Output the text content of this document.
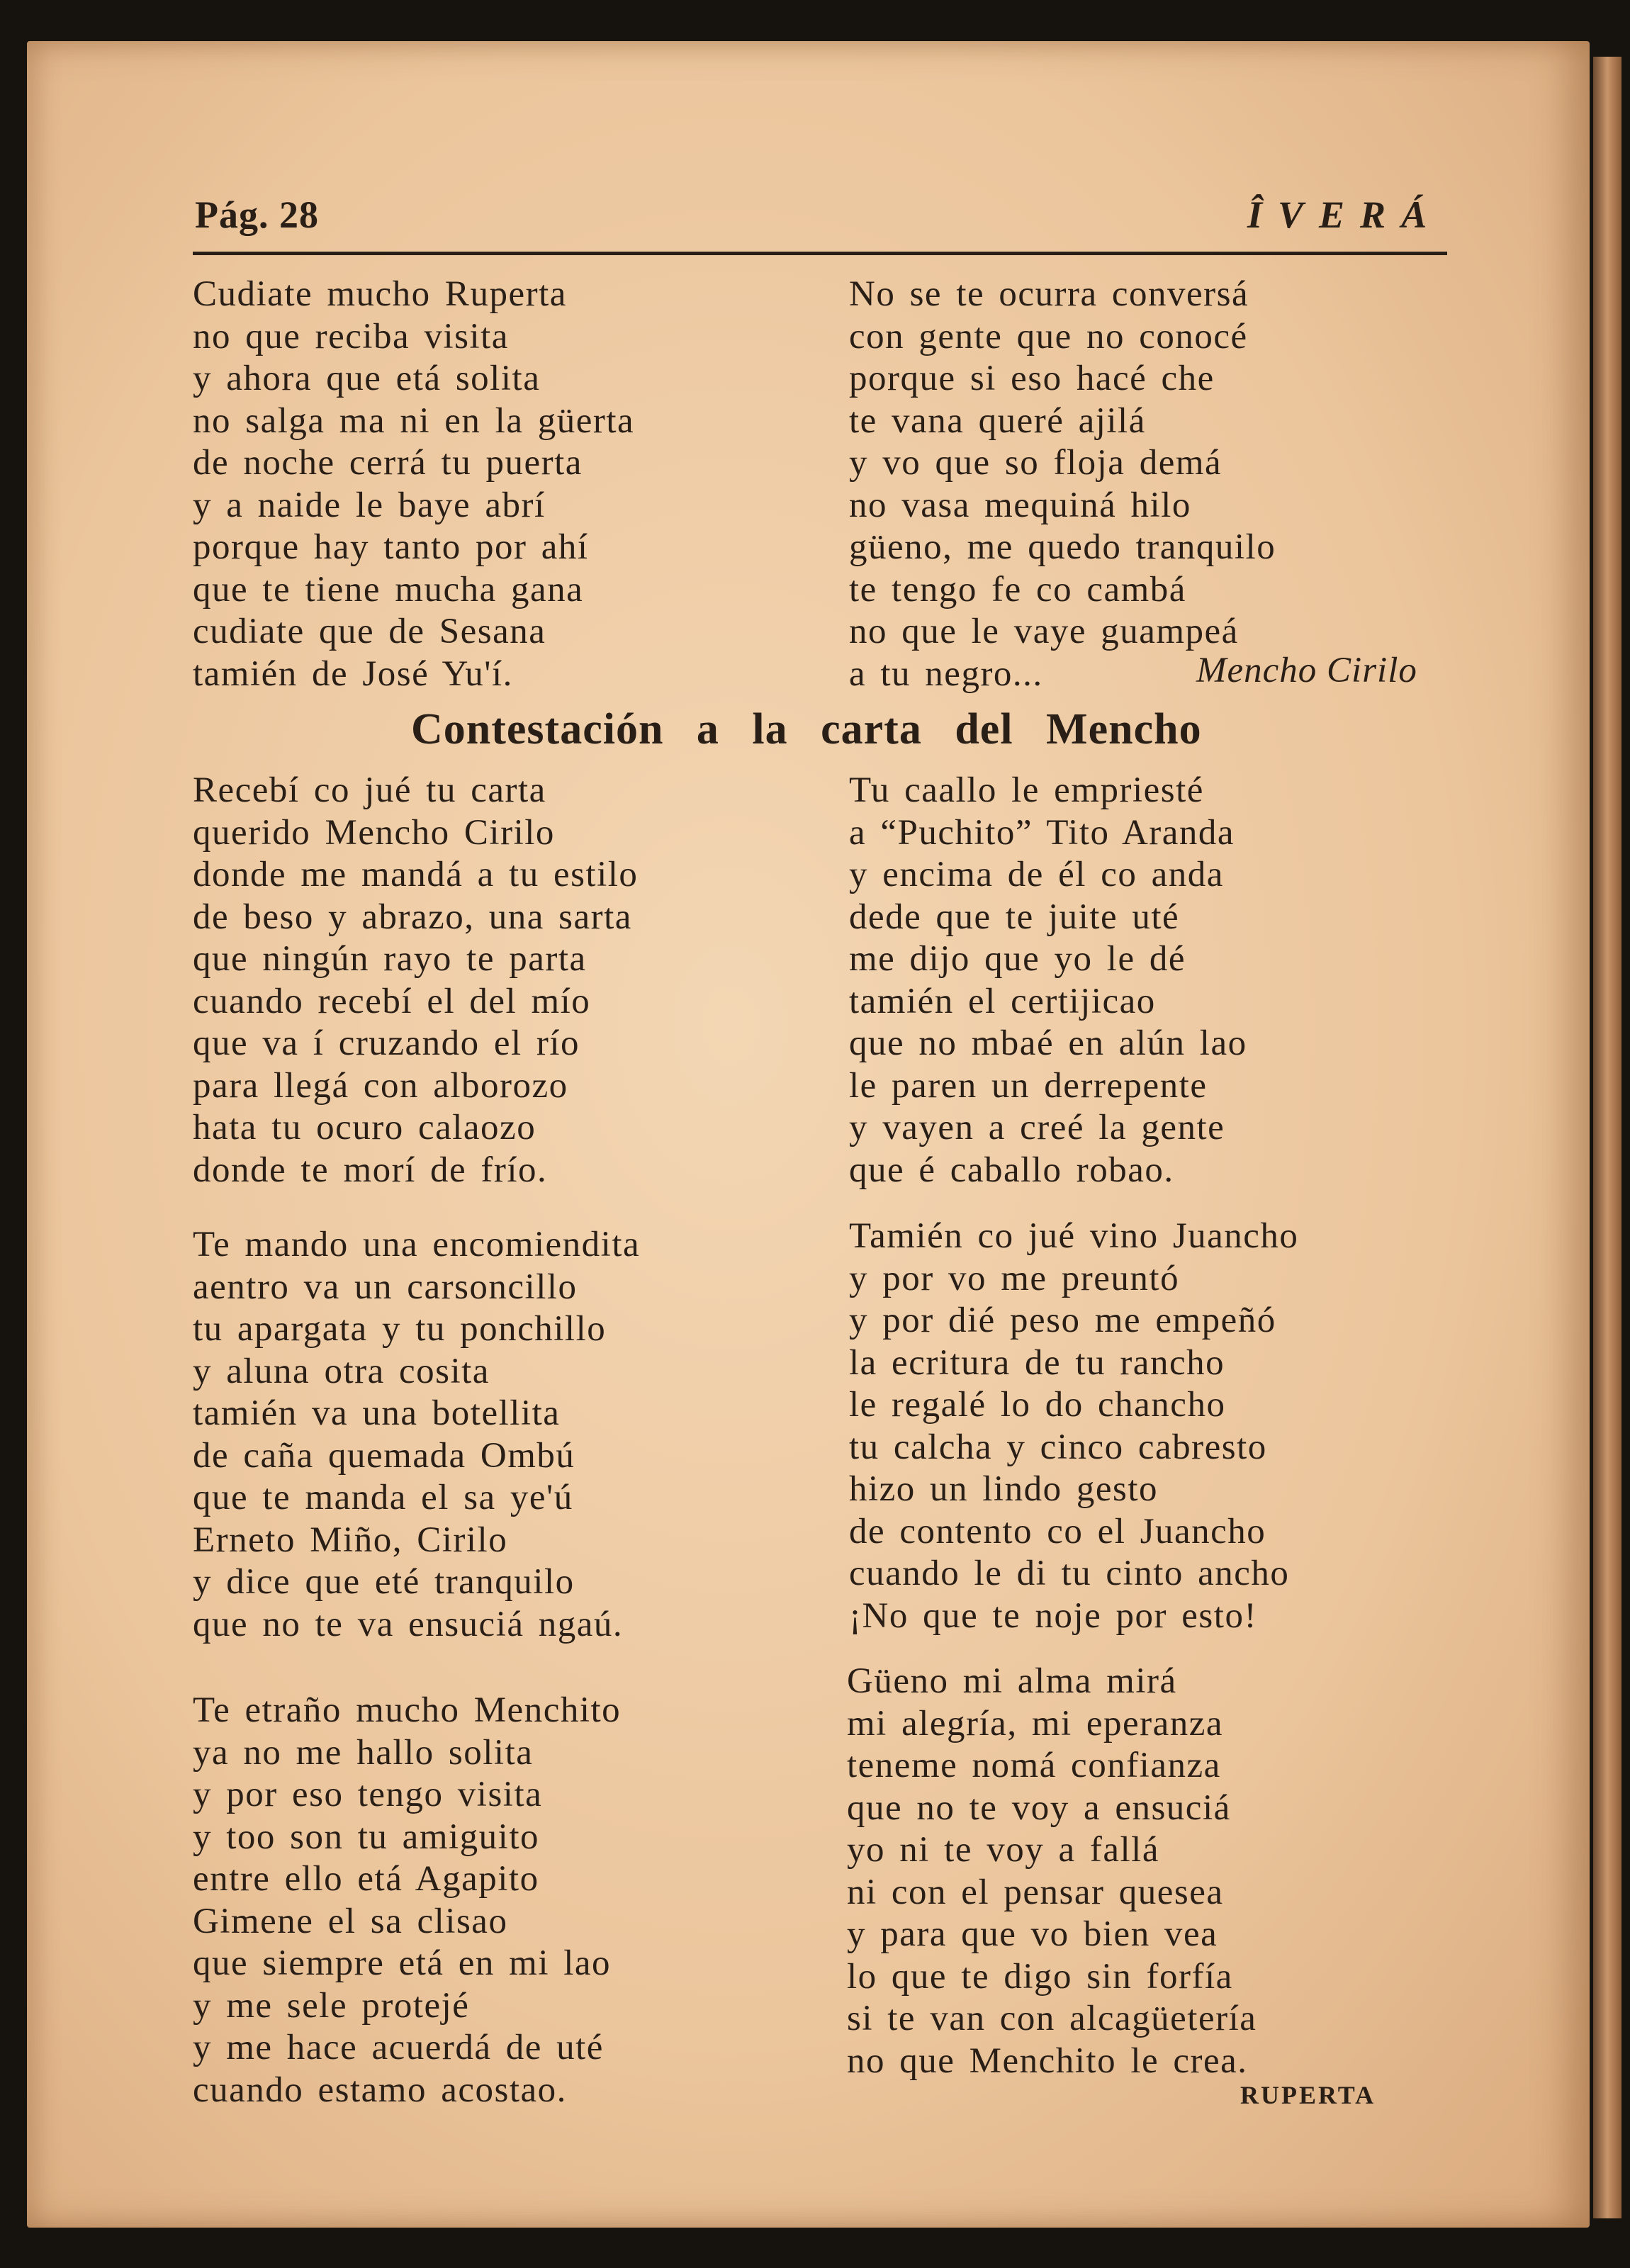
Pág. 28	ÎVERÁ
Cudiate mucho Ruperta
no que reciba visita
y ahora que etá solita
no salga ma ni en la güerta
de noche cerrá tu puerta
y a naide le baye abrí
porque hay tanto por ahí
que te tiene mucha gana
cudiate que de Sesana
tamién de José Yu'í.
No se te ocurra conversá
con gente que no conocé
porque si eso hacé che
te vana queré ajilá
y vo que so floja demá
no vasa mequiná hilo
güeno, me quedo tranquilo
te tengo fe co cambá
no que le vaye guampeá
a tu negro...	Mencho Cirilo
Contestación a la carta del Mencho
Recebí co jué tu carta
querido Mencho Cirilo
donde me mandá a tu estilo
de beso y abrazo, una sarta
que ningún rayo te parta
cuando recebí el del mío
que va í cruzando el río
para llegá con alborozo
hata tu ocuro calaozo
donde te morí de frío.
Tu caallo le empriesté
a “Puchito” Tito Aranda
y encima de él co anda
dede que te juite uté
me dijo que yo le dé
tamién el certijicao
que no mbaé en alún lao
le paren un derrepente
y vayen a creé la gente
que é caballo robao.
Te mando una encomiendita
aentro va un carsoncillo
tu apargata y tu ponchillo
y aluna otra cosita
tamién va una botellita
de caña quemada Ombú
que te manda el sa ye'ú
Erneto Miño, Cirilo
y dice que eté tranquilo
que no te va ensuciá ngaú.
Tamién co jué vino Juancho
y por vo me preuntó
y por dié peso me empeñó
la ecritura de tu rancho
le regalé lo do chancho
tu calcha y cinco cabresto
hizo un lindo gesto
de contento co el Juancho
cuando le di tu cinto ancho
¡No que te noje por esto!
Te etraño mucho Menchito
ya no me hallo solita
y por eso tengo visita
y too son tu amiguito
entre ello etá Agapito
Gimene el sa clisao
que siempre etá en mi lao
y me sele protejé
y me hace acuerdá de uté
cuando estamo acostao.
Güeno mi alma mirá
mi alegría, mi eperanza
teneme nomá confianza
que no te voy a ensuciá
yo ni te voy a fallá
ni con el pensar quesea
y para que vo bien vea
lo que te digo sin forfía
si te van con alcagüetería
no que Menchito le crea.
RUPERTA
